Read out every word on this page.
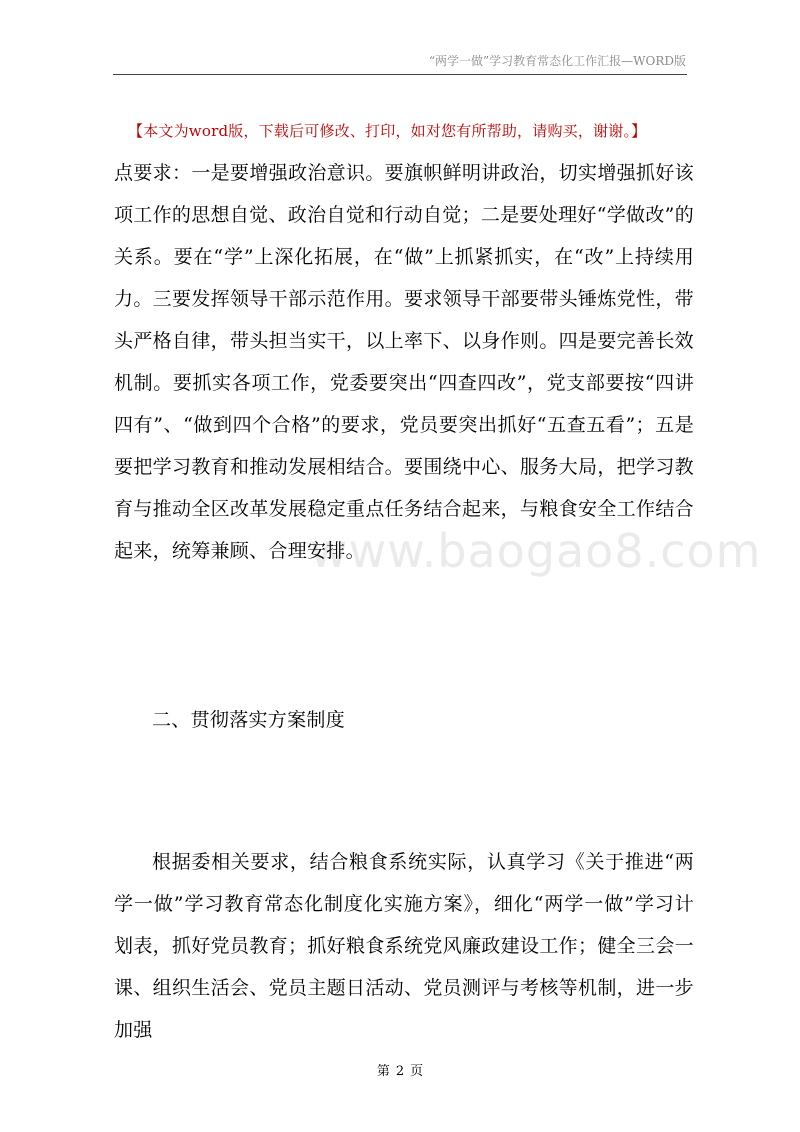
“两学一做”学习教育常态化工作汇报—WORD版
【本文为word版，下载后可修改、打印，如对您有所帮助，请购买，谢谢。】
www.baogao8.com
点要求：一是要增强政治意识。要旗帜鲜明讲政治，切实增强抓好该项工作的思想自觉、政治自觉和行动自觉；二是要处理好“学做改”的关系。要在“学”上深化拓展，在“做”上抓紧抓实，在“改”上持续用力。三要发挥领导干部示范作用。要求领导干部要带头锤炼党性，带头严格自律，带头担当实干，以上率下、以身作则。四是要完善长效机制。要抓实各项工作，党委要突出“四查四改”，党支部要按“四讲四有”、“做到四个合格”的要求，党员要突出抓好“五查五看”；五是要把学习教育和推动发展相结合。要围绕中心、服务大局，把学习教育与推动全区改革发展稳定重点任务结合起来，与粮食安全工作结合起来，统筹兼顾、合理安排。
二、贯彻落实方案制度
根据委相关要求，结合粮食系统实际，认真学习《关于推进“两学一做”学习教育常态化制度化实施方案》，细化“两学一做”学习计划表，抓好党员教育；抓好粮食系统党风廉政建设工作；健全三会一课、组织生活会、党员主题日活动、党员测评与考核等机制，进一步加强
第 2 页
